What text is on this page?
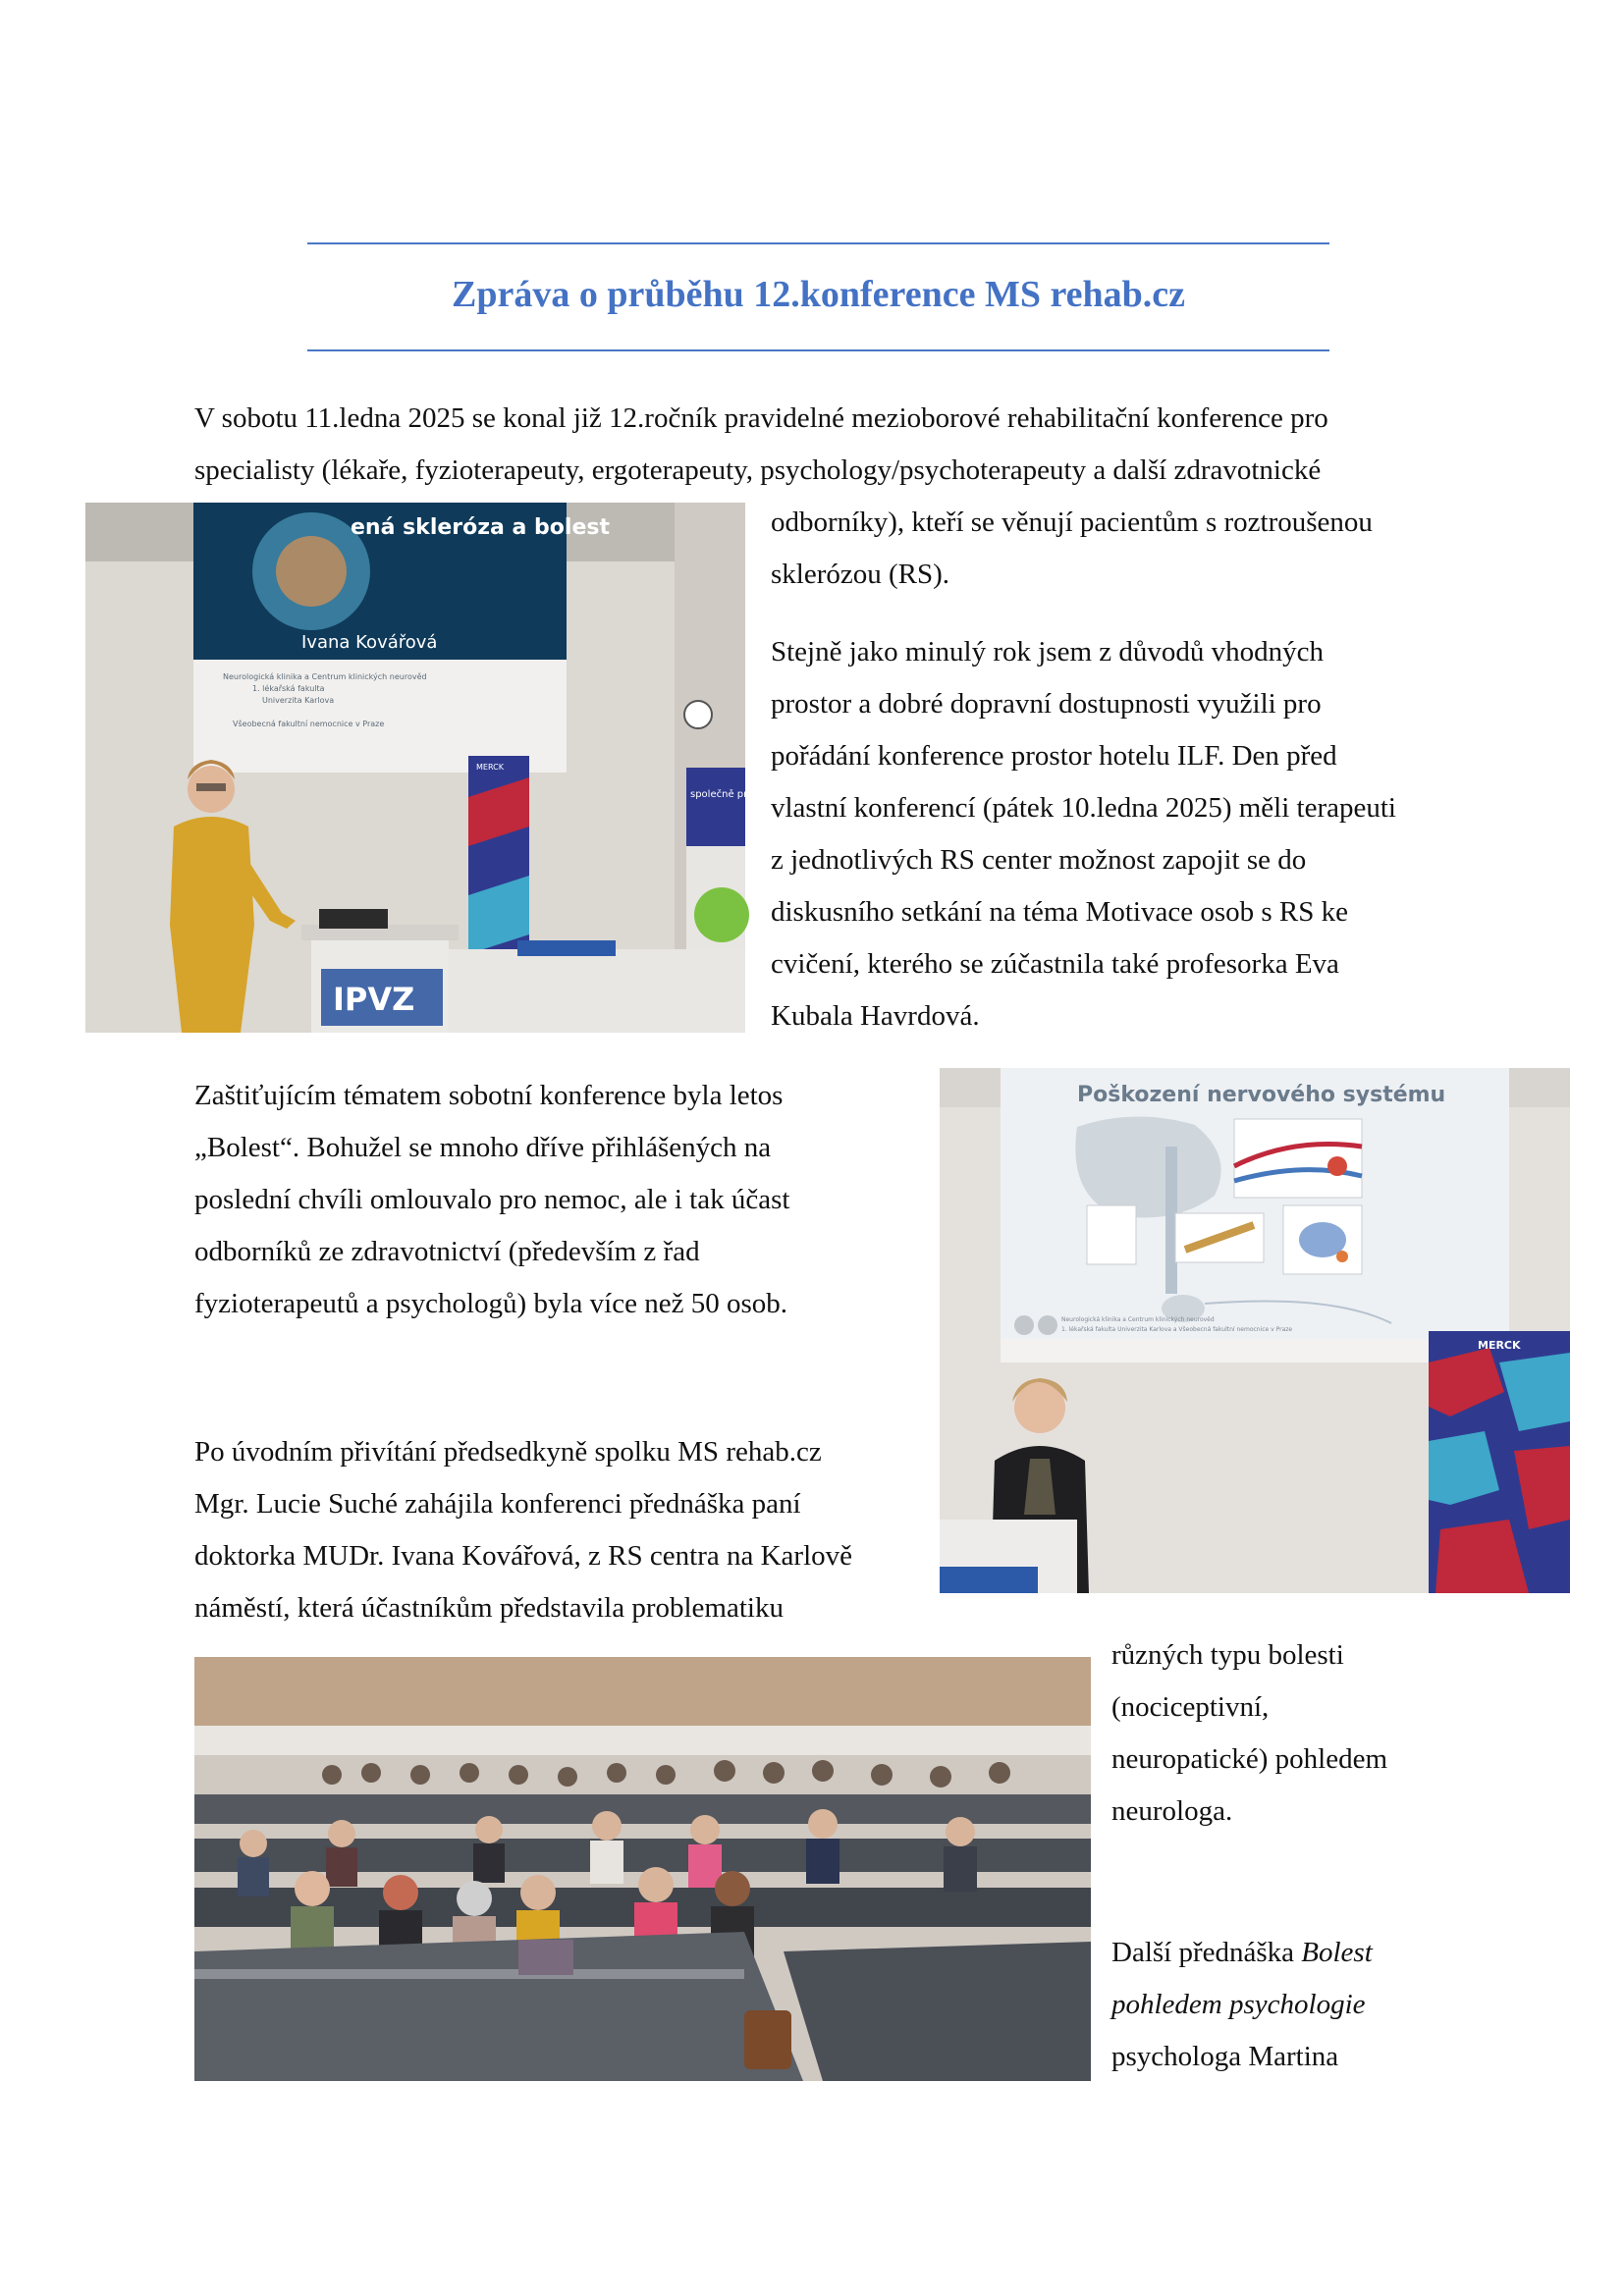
Zpráva o průběhu 12.konference MS rehab.cz

V sobotu 11.ledna 2025 se konal již 12.ročník pravidelné mezioborové rehabilitační konference pro
specialisty (lékaře, fyzioterapeuty, ergoterapeuty, psychology/psychoterapeuty a další zdravotnické

odborníky), kteří se věnují pacientům s roztroušenou
sklerózou (RS).

Stejně jako minulý rok jsem z důvodů vhodných
prostor a dobré dopravní dostupnosti využili pro
pořádání konference prostor hotelu ILF. Den před
vlastní konferencí (pátek 10.ledna 2025) měli terapeuti
z jednotlivých RS center možnost zapojit se do
diskusního setkání na téma Motivace osob s RS ke
cvičení, kterého se zúčastnila také profesorka Eva
Kubala Havrdová.

ená skleróza a bolest
Ivana Kovářová
Neurologická klinika a Centrum klinických neurověd
1. lékařská fakulta
Univerzita Karlova
Všeobecná fakultní nemocnice v Praze
MERCK
společně proti
IPVZ

Zaštiťujícím tématem sobotní konference byla letos
„Bolest“. Bohužel se mnoho dříve přihlášených na
poslední chvíli omlouvalo pro nemoc, ale i tak účast
odborníků ze zdravotnictví (především z řad
fyzioterapeutů a psychologů) byla více než 50 osob.

Poškození nervového systému
Neurologická klinika a Centrum klinických neurověd
1. lékařská fakulta Univerzita Karlova a Všeobecná fakultní nemocnice v Praze
MERCK

Po úvodním přivítání předsedkyně spolku MS rehab.cz
Mgr. Lucie Suché zahájila konferenci přednáška paní
doktorka MUDr. Ivana Kovářová, z RS centra na Karlově
náměstí, která účastníkům představila problematiku

různých typu bolesti
(nociceptivní,
neuropatické) pohledem
neurologa.

Další přednáška Bolest
pohledem psychologie
psychologa Martina
